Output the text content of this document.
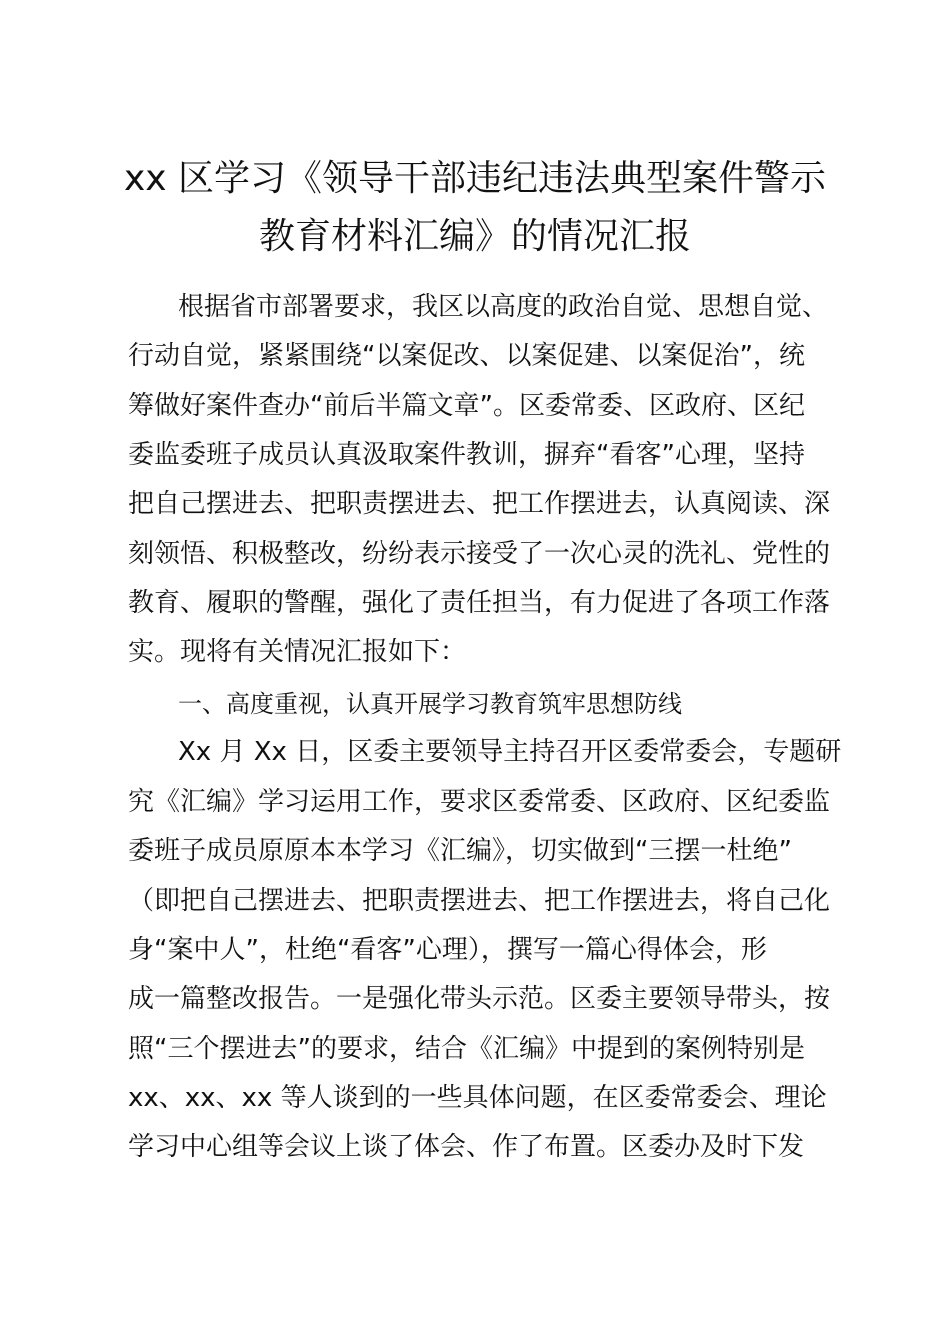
xx 区学习《领导干部违纪违法典型案件警示
教育材料汇编》的情况汇报
根据省市部署要求，我区以高度的政治自觉、思想自觉、
行动自觉，紧紧围绕“以案促改、以案促建、以案促治”，统
筹做好案件查办“前后半篇文章”。区委常委、区政府、区纪
委监委班子成员认真汲取案件教训，摒弃“看客”心理，坚持
把自己摆进去、把职责摆进去、把工作摆进去，认真阅读、深
刻领悟、积极整改，纷纷表示接受了一次心灵的洗礼、党性的
教育、履职的警醒，强化了责任担当，有力促进了各项工作落
实。现将有关情况汇报如下：
一、高度重视，认真开展学习教育筑牢思想防线
Xx 月 Xx 日，区委主要领导主持召开区委常委会，专题研
究《汇编》学习运用工作，要求区委常委、区政府、区纪委监
委班子成员原原本本学习《汇编》，切实做到“三摆一杜绝”
（即把自己摆进去、把职责摆进去、把工作摆进去，将自己化
身“案中人”，杜绝“看客”心理），撰写一篇心得体会，形
成一篇整改报告。一是强化带头示范。区委主要领导带头，按
照“三个摆进去”的要求，结合《汇编》中提到的案例特别是
xx、xx、xx 等人谈到的一些具体问题，在区委常委会、理论
学习中心组等会议上谈了体会、作了布置。区委办及时下发
